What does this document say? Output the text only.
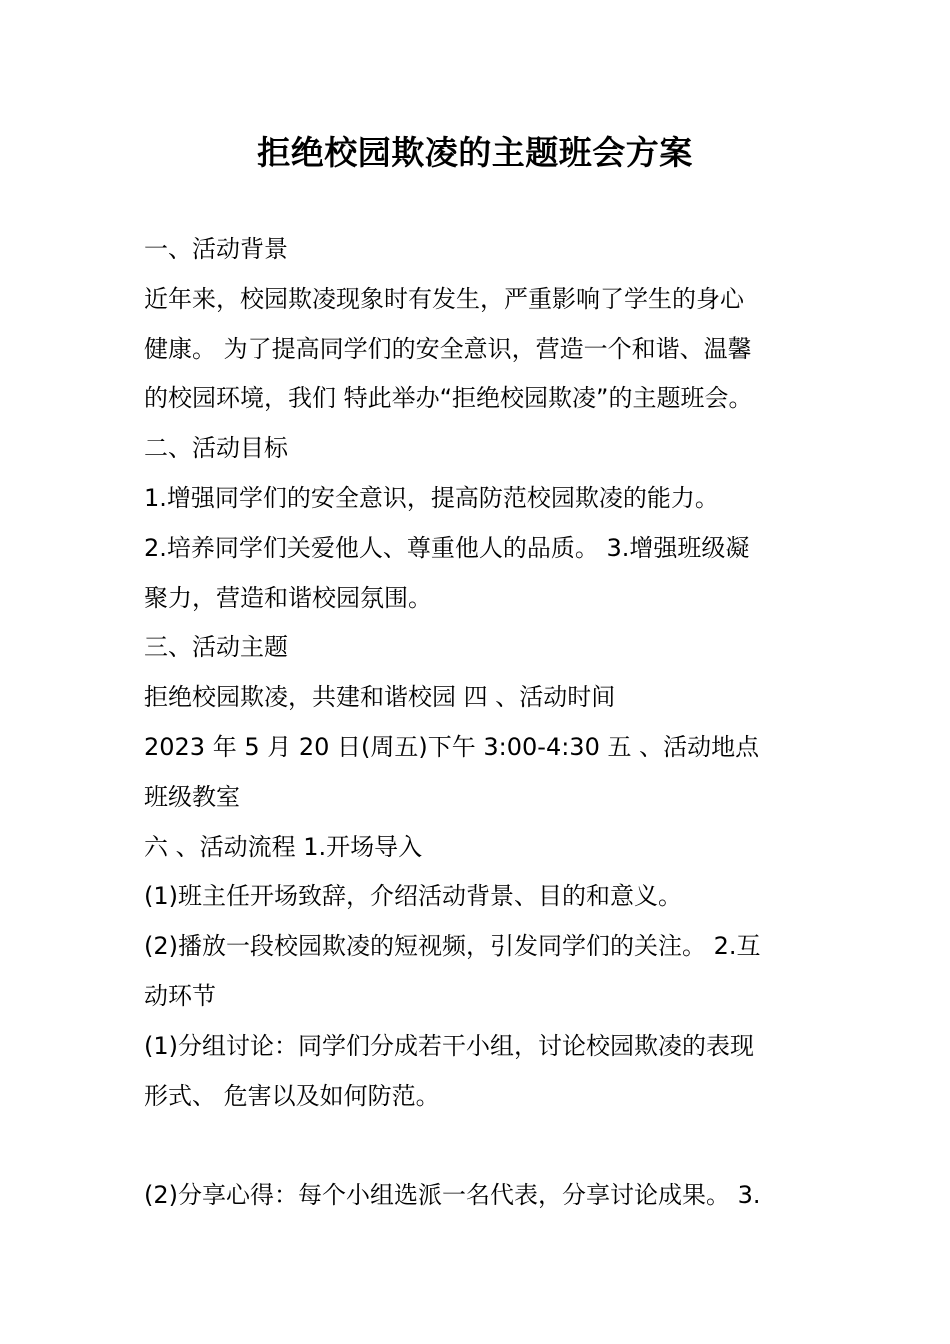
拒绝校园欺凌的主题班会方案
一、活动背景
近年来，校园欺凌现象时有发生，严重影响了学生的身心
健康。 为了提高同学们的安全意识，营造一个和谐、温馨
的校园环境，我们 特此举办“拒绝校园欺凌”的主题班会。
二、活动目标
1.增强同学们的安全意识，提高防范校园欺凌的能力。
2.培养同学们关爱他人、尊重他人的品质。 3.增强班级凝
聚力，营造和谐校园氛围。
三、活动主题
拒绝校园欺凌，共建和谐校园 四 、活动时间
2023 年 5 月 20 日(周五)下午 3:00-4:30 五 、活动地点
班级教室
六 、活动流程 1.开场导入
(1)班主任开场致辞，介绍活动背景、目的和意义。
(2)播放一段校园欺凌的短视频，引发同学们的关注。 2.互
动环节
(1)分组讨论：同学们分成若干小组，讨论校园欺凌的表现
形式、 危害以及如何防范。
(2)分享心得：每个小组选派一名代表，分享讨论成果。 3.
